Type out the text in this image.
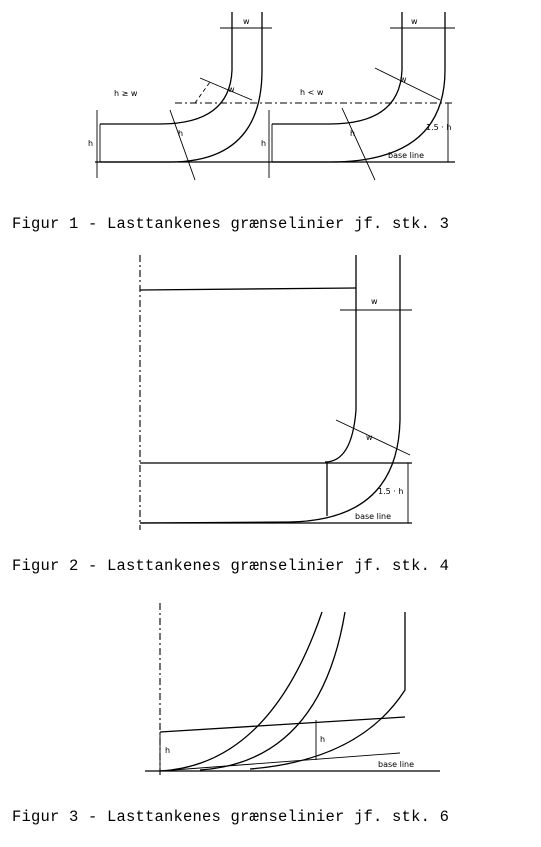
h ≥ w	h < w
w	w
w
w
h	h
h	h
1.5 · h
base line
w
w
1.5 · h
base line
h
h
base line
Figur 1 - Lasttankenes grænselinier jf. stk. 3
Figur 2 - Lasttankenes grænselinier jf. stk. 4
Figur 3 - Lasttankenes grænselinier jf. stk. 6
